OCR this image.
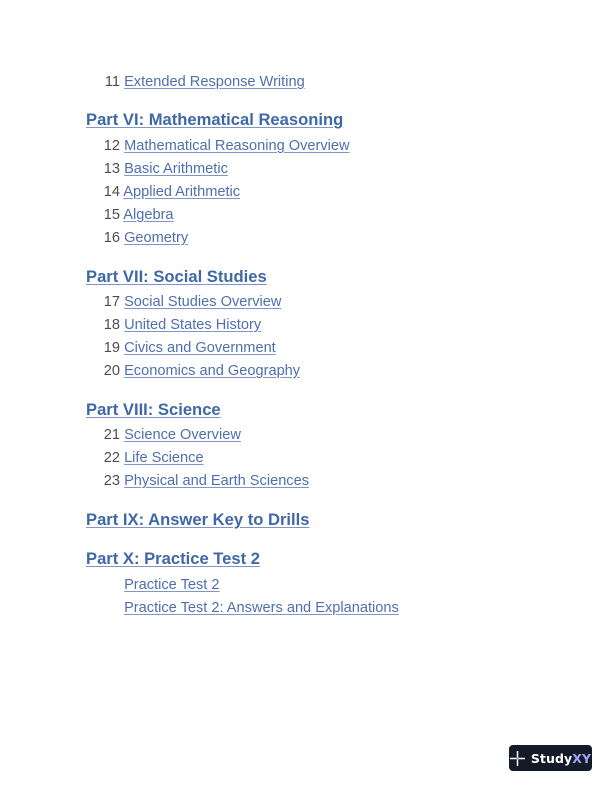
11 Extended Response Writing
Part VI: Mathematical Reasoning
12 Mathematical Reasoning Overview
13 Basic Arithmetic
14 Applied Arithmetic
15 Algebra
16 Geometry
Part VII: Social Studies
17 Social Studies Overview
18 United States History
19 Civics and Government
20 Economics and Geography
Part VIII: Science
21 Science Overview
22 Life Science
23 Physical and Earth Sciences
Part IX: Answer Key to Drills
Part X: Practice Test 2
Practice Test 2
Practice Test 2: Answers and Explanations
StudyXY
